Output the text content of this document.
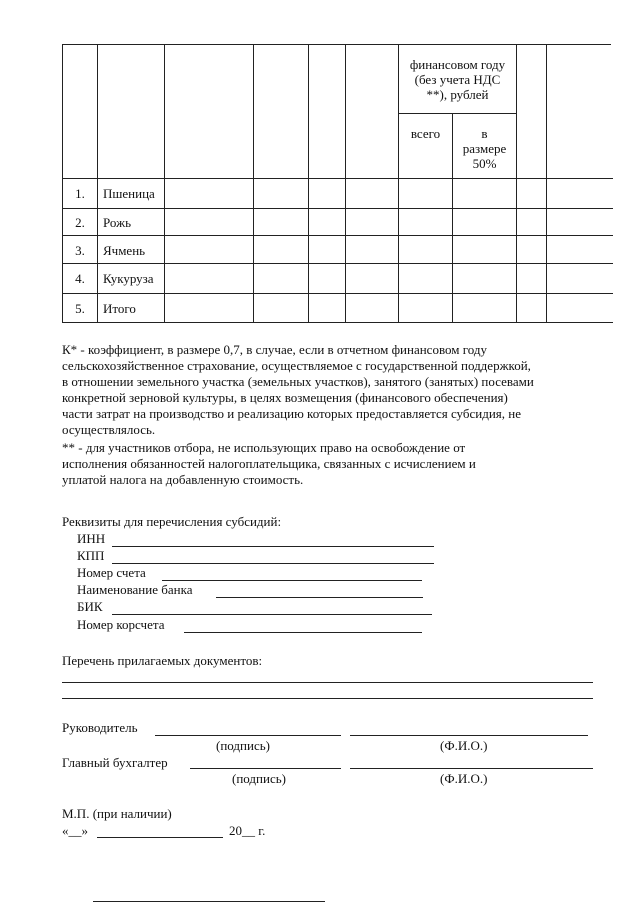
финансовом году
(без учета НДС
**), рублей
всего	в
размере
50%
1.	Пшеница
2.	Рожь
3.	Ячмень
4.	Кукуруза
5.	Итого
К* - коэффициент, в размере 0,7, в случае, если в отчетном финансовом году
сельскохозяйственное страхование, осуществляемое с государственной поддержкой,
в отношении земельного участка (земельных участков), занятого (занятых) посевами
конкретной зерновой культуры, в целях возмещения (финансового обеспечения)
части затрат на производство и реализацию которых предоставляется субсидия, не
осуществлялось.
** - для участников отбора, не использующих право на освобождение от
исполнения обязанностей налогоплательщика, связанных с исчислением и
уплатой налога на добавленную стоимость.
Реквизиты для перечисления субсидий:
ИНН
КПП
Номер счета
Наименование банка
БИК
Номер корсчета
Перечень прилагаемых документов:
Руководитель
(подпись)	(Ф.И.О.)
Главный бухгалтер
(подпись)	(Ф.И.О.)
М.П. (при наличии)
«__»	20__ г.
